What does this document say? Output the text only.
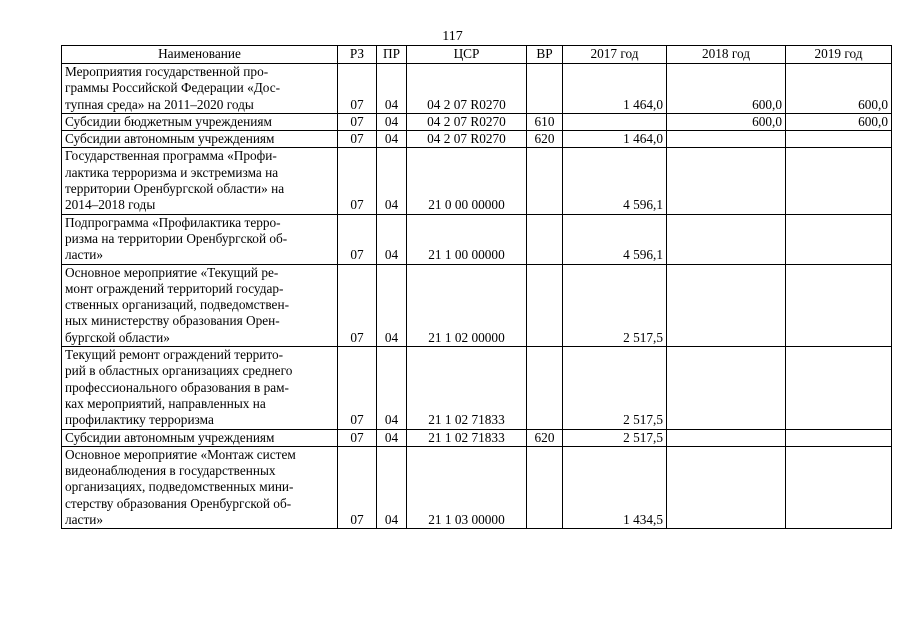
117
Наименование	РЗ	ПР	ЦСР	ВР	2017 год	2018 год	2019 год

Мероприятия государственной про-
граммы Российской Федерации «Дос-
тупная среда» на 2011–2020 годы	07	04	04 2 07 R0270		1 464,0	600,0	600,0

Субсидии бюджетным учреждениям	07	04	04 2 07 R0270	610		600,0	600,0

Субсидии автономным учреждениям	07	04	04 2 07 R0270	620	1 464,0		

Государственная программа «Профи-
лактика терроризма и экстремизма на
территории Оренбургской области» на
2014–2018 годы	07	04	21 0 00 00000		4 596,1		

Подпрограмма «Профилактика терро-
ризма на территории Оренбургской об-
ласти»	07	04	21 1 00 00000		4 596,1		

Основное мероприятие «Текущий ре-
монт ограждений территорий государ-
ственных организаций, подведомствен-
ных министерству образования Орен-
бургской области»	07	04	21 1 02 00000		2 517,5		

Текущий ремонт ограждений террито-
рий в областных организациях среднего
профессионального образования в рам-
ках мероприятий, направленных на
профилактику терроризма	07	04	21 1 02 71833		2 517,5		

Субсидии автономным учреждениям	07	04	21 1 02 71833	620	2 517,5		

Основное мероприятие «Монтаж систем
видеонаблюдения в государственных
организациях, подведомственных мини-
стерству образования Оренбургской об-
ласти»	07	04	21 1 03 00000		1 434,5		
